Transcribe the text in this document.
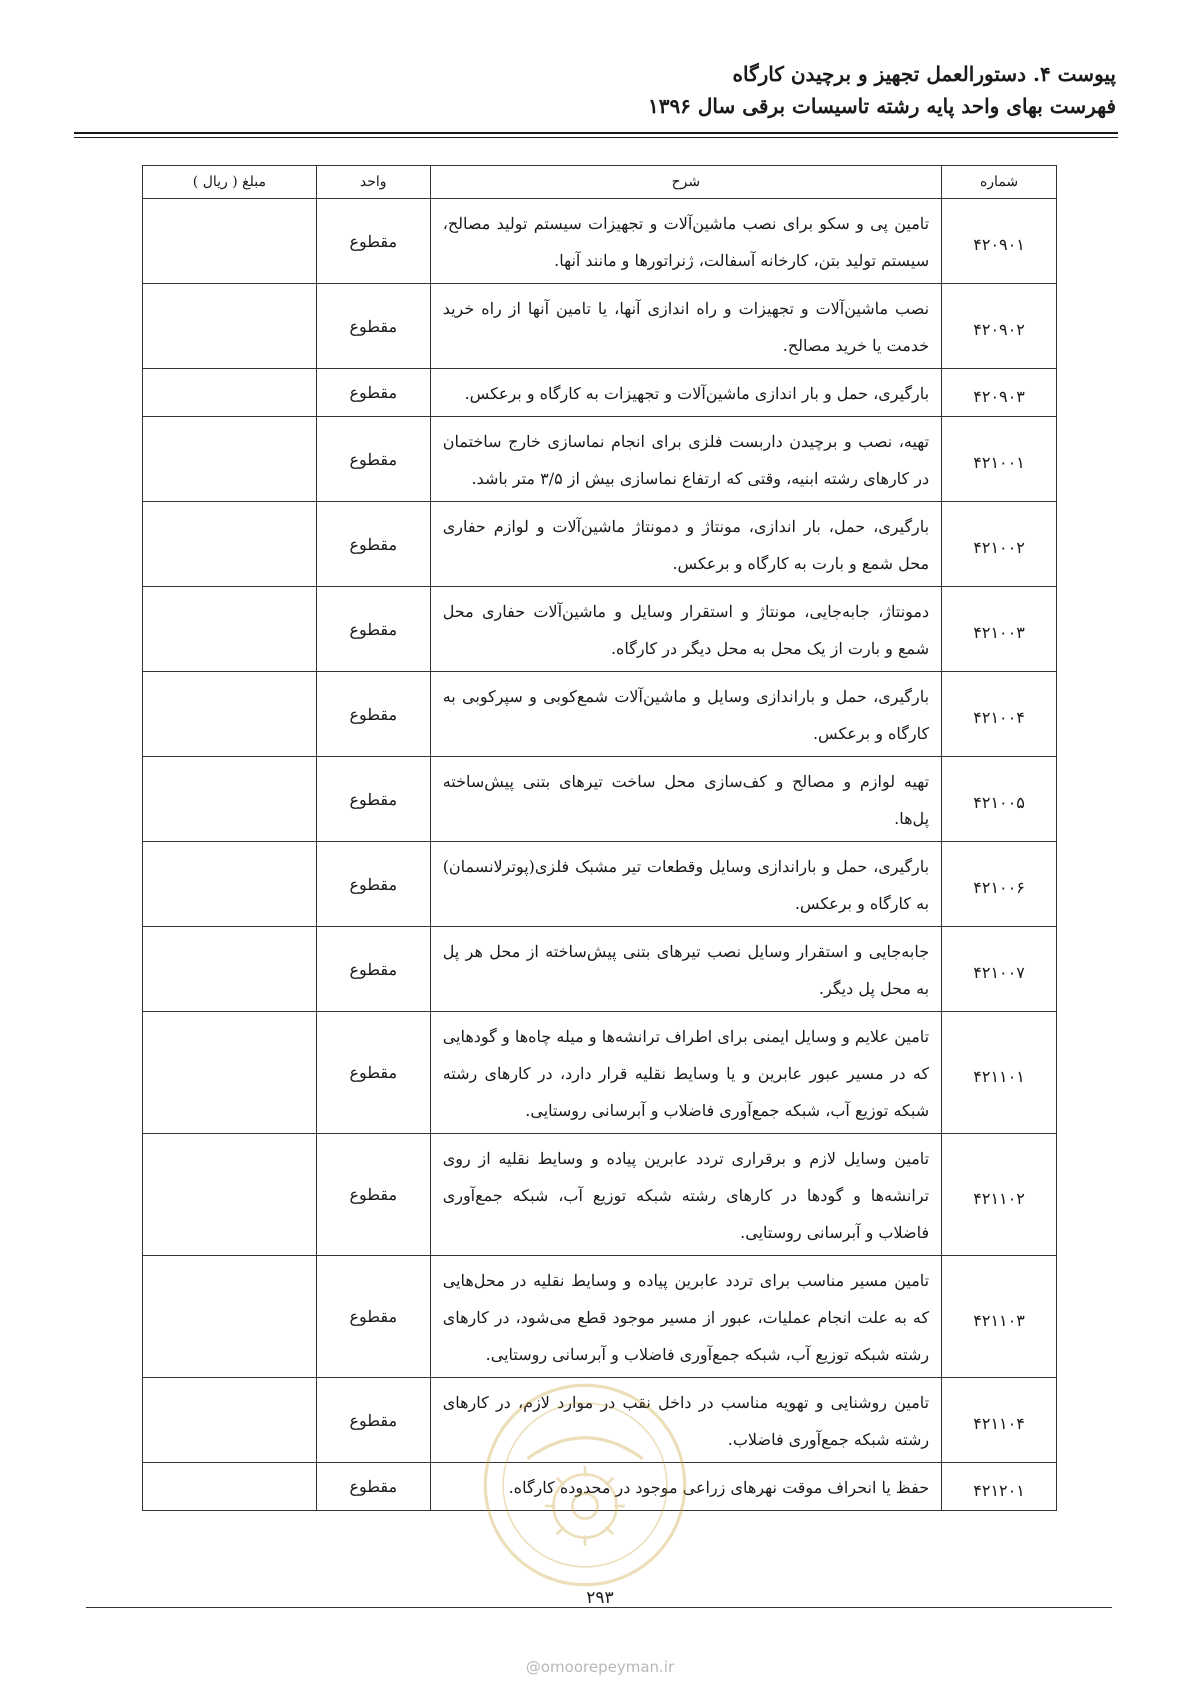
پیوست ۴. دستورالعمل تجهیز و برچیدن کارگاه
فهرست بهای واحد پایه رشته تاسیسات برقی سال ۱۳۹۶
شماره	شرح	واحد	مبلغ ( ریال )
۴۲۰۹۰۱	تامین پی و سکو برای نصب ماشین‌آلات و تجهیزات سیستم تولید مصالح، سیستم تولید بتن، کارخانه آسفالت، ژنراتورها و مانند آنها.	مقطوع	
۴۲۰۹۰۲	نصب ماشین‌آلات و تجهیزات و راه اندازی آنها، یا تامین آنها از راه خرید خدمت یا خرید مصالح.	مقطوع	
۴۲۰۹۰۳	بارگیری، حمل و بار اندازی ماشین‌آلات و تجهیزات به کارگاه و برعکس.	مقطوع	
۴۲۱۰۰۱	تهیه، نصب و برچیدن داربست فلزی برای انجام نماسازی خارج ساختمان در کارهای رشته ابنیه، وقتی که ارتفاع نماسازی بیش از ۳/۵ متر باشد.	مقطوع	
۴۲۱۰۰۲	بارگیری، حمل، بار اندازی، مونتاژ و دمونتاژ ماشین‌آلات و لوازم حفاری محل شمع و بارت به کارگاه و برعکس.	مقطوع	
۴۲۱۰۰۳	دمونتاژ، جابه‌جایی، مونتاژ و استقرار وسایل و ماشین‌آلات حفاری محل شمع و بارت از یک محل به محل دیگر در کارگاه.	مقطوع	
۴۲۱۰۰۴	بارگیری، حمل و باراندازی وسایل و ماشین‌آلات شمع‌کوبی و سپرکوبی به کارگاه و برعکس.	مقطوع	
۴۲۱۰۰۵	تهیه لوازم و مصالح و کف‌سازی محل ساخت تیرهای بتنی پیش‌ساخته پل‌ها.	مقطوع	
۴۲۱۰۰۶	بارگیری، حمل و باراندازی وسایل وقطعات تیر مشبک فلزی(پوترلانسمان) به کارگاه و برعکس.	مقطوع	
۴۲۱۰۰۷	جابه‌جایی و استقرار وسایل نصب تیرهای بتنی پیش‌ساخته از محل هر پل به محل پل دیگر.	مقطوع	
۴۲۱۱۰۱	تامین علایم و وسایل ایمنی برای اطراف ترانشه‌ها و میله چاه‌ها و گودهایی که در مسیر عبور عابرین و یا وسایط نقلیه قرار دارد، در کارهای رشته شبکه توزیع آب، شبکه جمع‌آوری فاضلاب و آبرسانی روستایی.	مقطوع	
۴۲۱۱۰۲	تامین وسایل لازم و برقراری تردد عابرین پیاده و وسایط نقلیه از روی ترانشه‌ها و گودها در کارهای رشته شبکه توزیع آب، شبکه جمع‌آوری فاضلاب و آبرسانی روستایی.	مقطوع	
۴۲۱۱۰۳	تامین مسیر مناسب برای تردد عابرین پیاده و وسایط نقلیه در محل‌هایی که به علت انجام عملیات، عبور از مسیر موجود قطع می‌شود، در کارهای رشته شبکه توزیع آب، شبکه جمع‌آوری فاضلاب و آبرسانی روستایی.	مقطوع	
۴۲۱۱۰۴	تامین روشنایی و تهویه مناسب در داخل نقب در موارد لازم، در کارهای رشته شبکه جمع‌آوری فاضلاب.	مقطوع	
۴۲۱۲۰۱	حفظ یا انحراف موقت نهرهای زراعی موجود در محدوده کارگاه.	مقطوع	
۲۹۳
@omoorepeyman.ir
